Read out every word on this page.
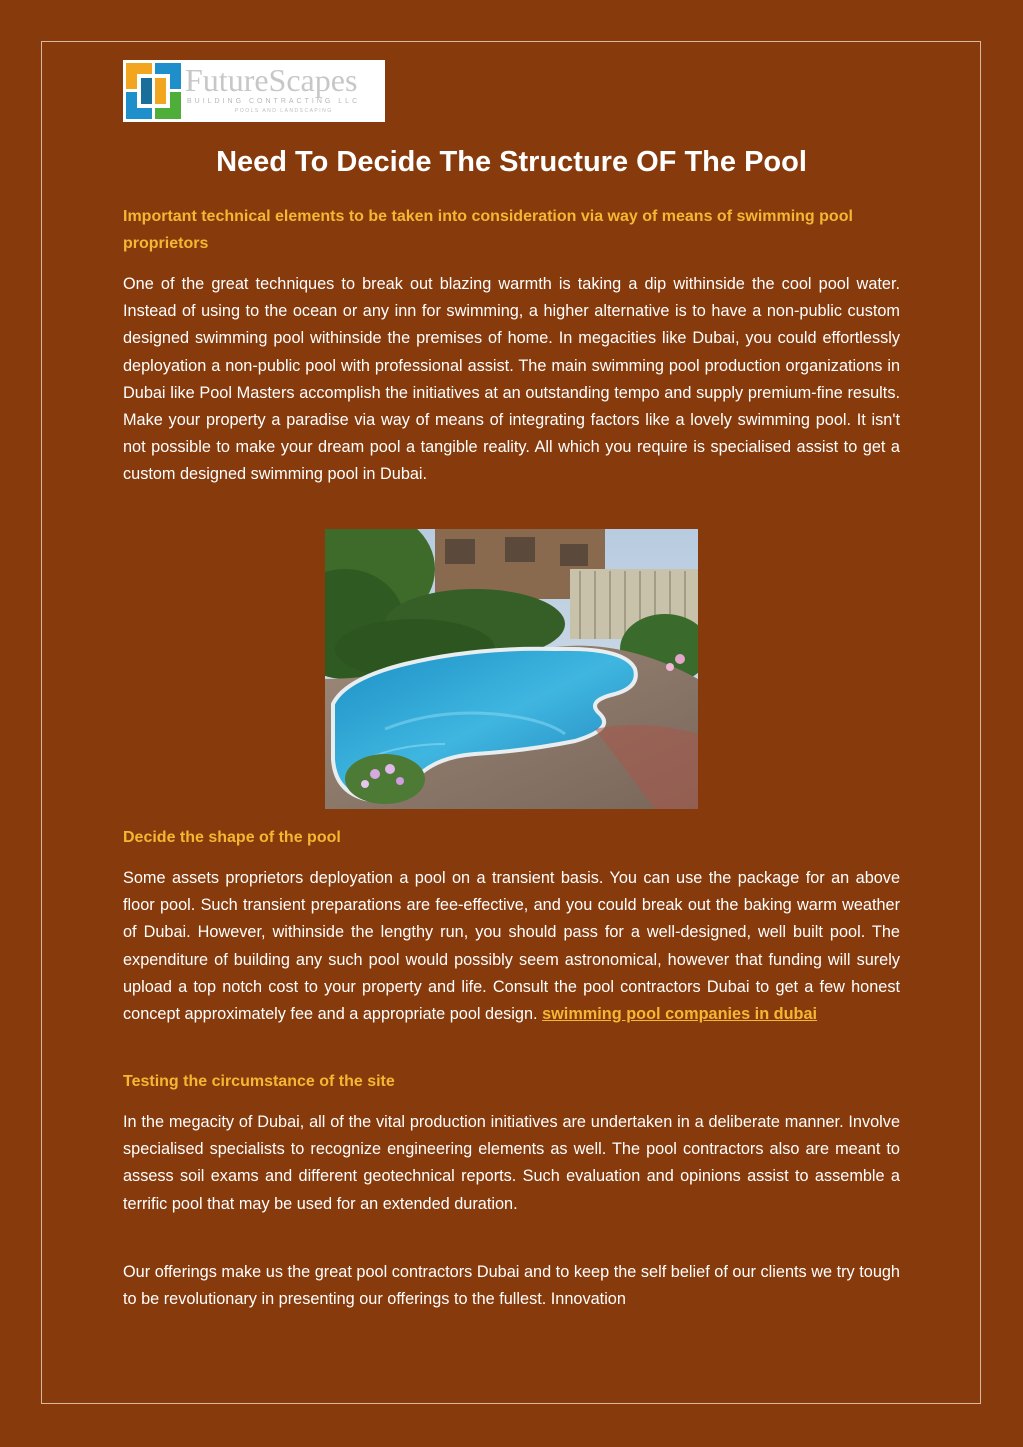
FutureScapes
BUILDING CONTRACTING LLC
POOLS AND LANDSCAPING
Need To Decide The Structure OF The Pool

Important technical elements to be taken into consideration via way of means of swimming pool proprietors

One of the great techniques to break out blazing warmth is taking a dip withinside the cool pool water. Instead of using to the ocean or any inn for swimming, a higher alternative is to have a non-public custom designed swimming pool withinside the premises of home. In megacities like Dubai, you could effortlessly deployation a non-public pool with professional assist. The main swimming pool production organizations in Dubai like Pool Masters accomplish the initiatives at an outstanding tempo and supply premium-fine results. Make your property a paradise via way of means of integrating factors like a lovely swimming pool. It isn't not possible to make your dream pool a tangible reality. All which you require is specialised assist to get a custom designed swimming pool in Dubai.

Decide the shape of the pool

Some assets proprietors deployation a pool on a transient basis. You can use the package for an above floor pool. Such transient preparations are fee-effective, and you could break out the baking warm weather of Dubai. However, withinside the lengthy run, you should pass for a well-designed, well built pool. The expenditure of building any such pool would possibly seem astronomical, however that funding will surely upload a top notch cost to your property and life. Consult the pool contractors Dubai to get a few honest concept approximately fee and a appropriate pool design. swimming pool companies in dubai

Testing the circumstance of the site

In the megacity of Dubai, all of the vital production initiatives are undertaken in a deliberate manner. Involve specialised specialists to recognize engineering elements as well. The pool contractors also are meant to assess soil exams and different geotechnical reports. Such evaluation and opinions assist to assemble a terrific pool that may be used for an extended duration.

Our offerings make us the great pool contractors Dubai and to keep the self belief of our clients we try tough to be revolutionary in presenting our offerings to the fullest. Innovation
